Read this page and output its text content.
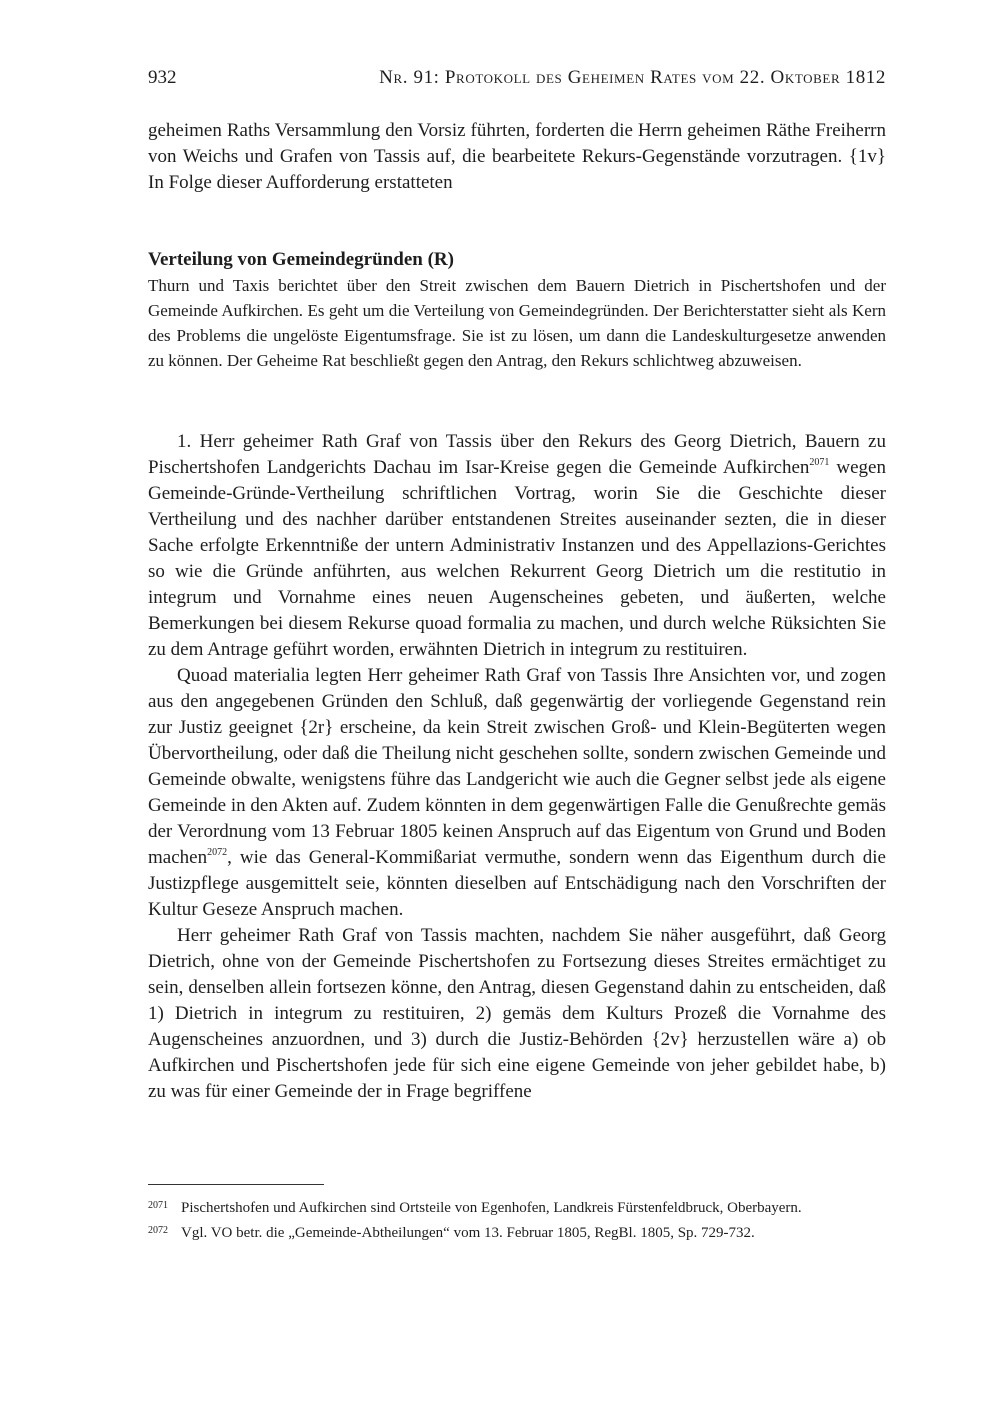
932	Nr. 91: Protokoll des Geheimen Rates vom 22. Oktober 1812

geheimen Raths Versammlung den Vorsiz führten, forderten die Herrn geheimen Räthe Freiherrn von Weichs und Grafen von Tassis auf, die bearbeitete Rekurs-Gegenstände vorzutragen. {1v} In Folge dieser Aufforderung erstatteten

Verteilung von Gemeindegründen (R)

Thurn und Taxis berichtet über den Streit zwischen dem Bauern Dietrich in Pischertshofen und der Gemeinde Aufkirchen. Es geht um die Verteilung von Gemeindegründen. Der Berichterstatter sieht als Kern des Problems die ungelöste Eigentumsfrage. Sie ist zu lösen, um dann die Landeskulturgesetze anwenden zu können. Der Geheime Rat beschließt gegen den Antrag, den Rekurs schlichtweg abzuweisen.

1. Herr geheimer Rath Graf von Tassis über den Rekurs des Georg Dietrich, Bauern zu Pischertshofen Landgerichts Dachau im Isar-Kreise gegen die Gemeinde Aufkirchen$^{2071}$ wegen Gemeinde-Gründe-Vertheilung schriftlichen Vortrag, worin Sie die Geschichte dieser Vertheilung und des nachher darüber entstandenen Streites auseinander sezten, die in dieser Sache erfolgte Erkenntniße der untern Administrativ Instanzen und des Appellazions-Gerichtes so wie die Gründe anführten, aus welchen Rekurrent Georg Dietrich um die restitutio in integrum und Vornahme eines neuen Augenscheines gebeten, und äußerten, welche Bemerkungen bei diesem Rekurse quoad formalia zu machen, und durch welche Rüksichten Sie zu dem Antrage geführt worden, erwähnten Dietrich in integrum zu restituiren.

Quoad materialia legten Herr geheimer Rath Graf von Tassis Ihre Ansichten vor, und zogen aus den angegebenen Gründen den Schluß, daß gegenwärtig der vorliegende Gegenstand rein zur Justiz geeignet {2r} erscheine, da kein Streit zwischen Groß- und Klein-Begüterten wegen Übervortheilung, oder daß die Theilung nicht geschehen sollte, sondern zwischen Gemeinde und Gemeinde obwalte, wenigstens führe das Landgericht wie auch die Gegner selbst jede als eigene Gemeinde in den Akten auf. Zudem könnten in dem gegenwärtigen Falle die Genußrechte gemäs der Verordnung vom 13 Februar 1805 keinen Anspruch auf das Eigentum von Grund und Boden machen$^{2072}$, wie das General-Kommißariat vermuthe, sondern wenn das Eigenthum durch die Justizpflege ausgemittelt seie, könnten dieselben auf Entschädigung nach den Vorschriften der Kultur Geseze Anspruch machen.

Herr geheimer Rath Graf von Tassis machten, nachdem Sie näher ausgeführt, daß Georg Dietrich, ohne von der Gemeinde Pischertshofen zu Fortsezung dieses Streites ermächtiget zu sein, denselben allein fortsezen könne, den Antrag, diesen Gegenstand dahin zu entscheiden, daß 1) Dietrich in integrum zu restituiren, 2) gemäs dem Kulturs Prozeß die Vornahme des Augenscheines anzuordnen, und 3) durch die Justiz-Behörden {2v} herzustellen wäre a) ob Aufkirchen und Pischertshofen jede für sich eine eigene Gemeinde von jeher gebildet habe, b) zu was für einer Gemeinde der in Frage begriffene

2071 Pischertshofen und Aufkirchen sind Ortsteile von Egenhofen, Landkreis Fürstenfeldbruck, Oberbayern.

2072 Vgl. VO betr. die „Gemeinde-Abtheilungen“ vom 13. Februar 1805, RegBl. 1805, Sp. 729-732.
